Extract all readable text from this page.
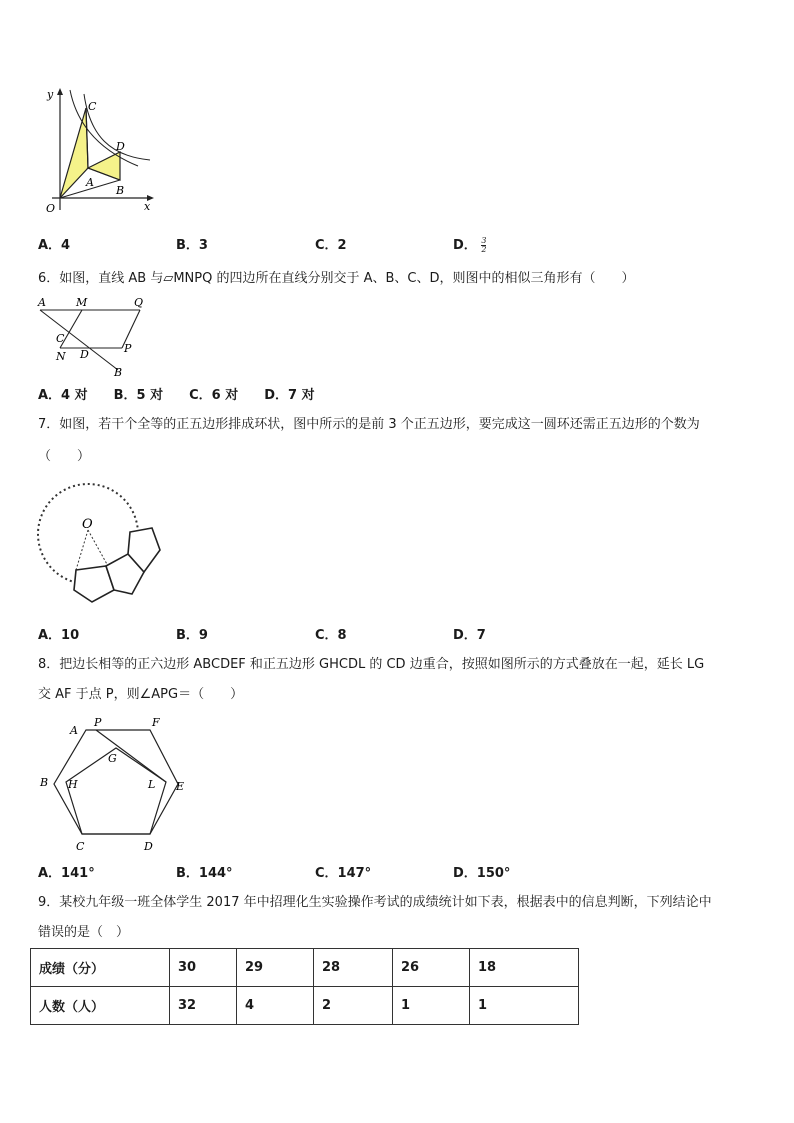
y
x
O
C
D
A
B
A．4	B．3	C．2	D． $\frac{3}{2}$
6．如图，直线 AB 与▱MNPQ 的四边所在直线分别交于 A、B、C、D，则图中的相似三角形有（　　）
A	M	Q
C
N D	P
B
A．4 对　　B．5 对　　C．6 对　　D．7 对
7．如图，若干个全等的正五边形排成环状，图中所示的是前 3 个正五边形，要完成这一圆环还需正五边形的个数为
（　　）
O
A．10	B．9	C．8	D．7
8．把边长相等的正六边形 ABCDEF 和正五边形 GHCDL 的 CD 边重合，按照如图所示的方式叠放在一起，延长 LG
交 AF 于点 P，则∠APG＝（　　）
A
P	F
G
B H	L E
C	D
A．141°	B．144°	C．147°	D．150°
9．某校九年级一班全体学生 2017 年中招理化生实验操作考试的成绩统计如下表，根据表中的信息判断，下列结论中
错误的是（　）
成绩（分）	30	29	28	26	18
人数（人）	32	4	2	1	1
